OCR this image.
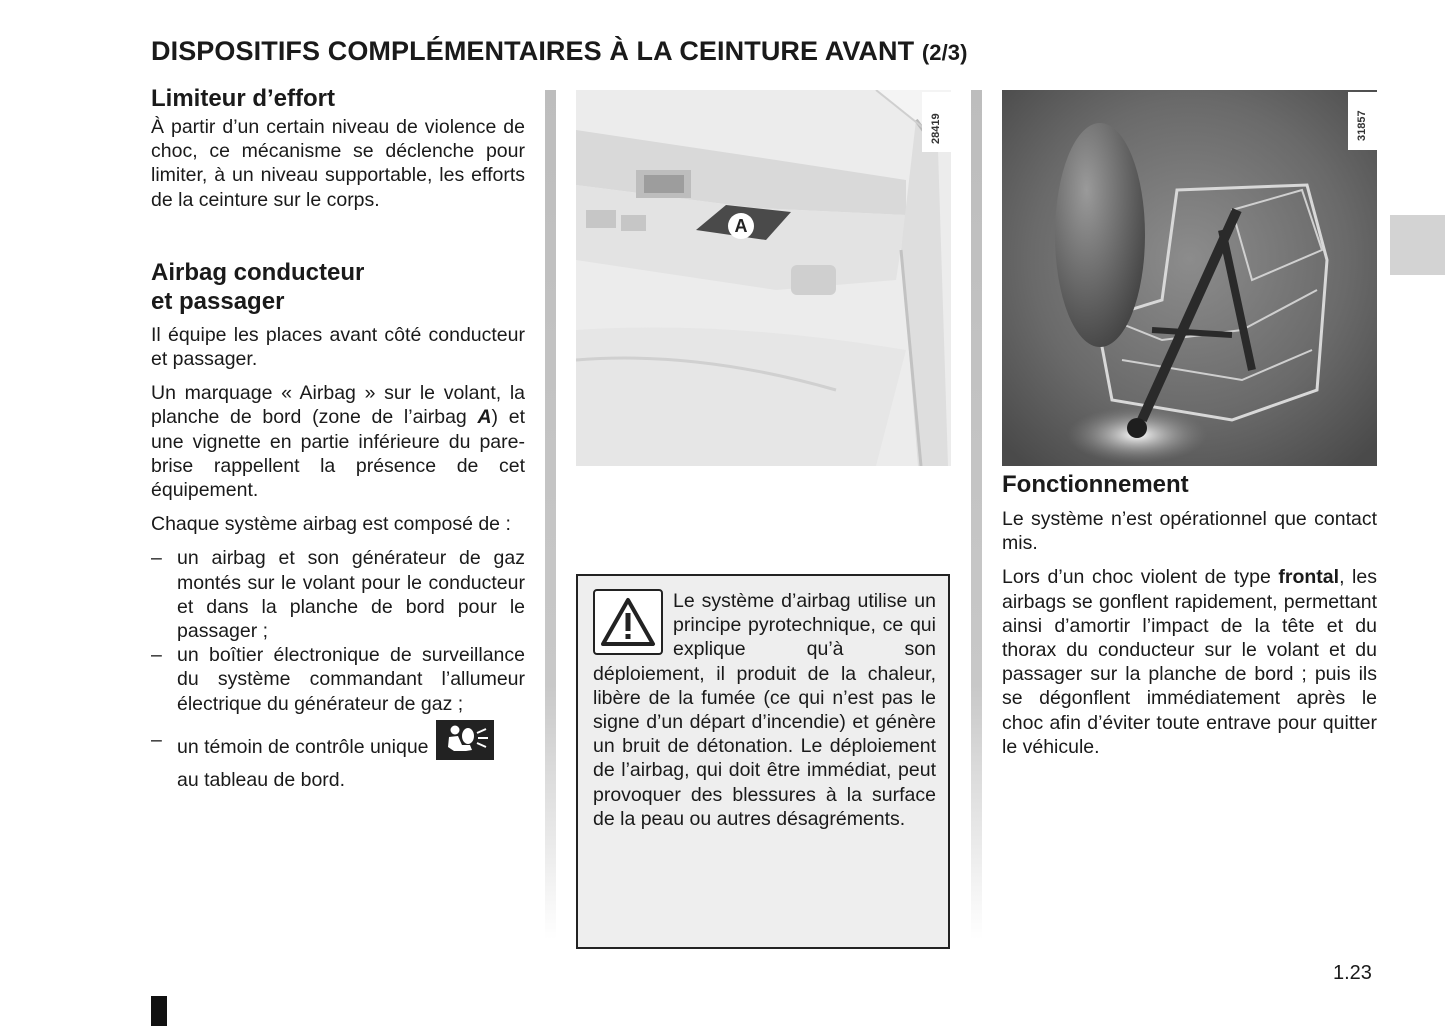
DISPOSITIFS COMPLÉMENTAIRES À LA CEINTURE AVANT (2/3)
Limiteur d’effort

À partir d’un certain niveau de violence de choc, ce mécanisme se déclenche pour limiter, à un niveau supportable, les efforts de la ceinture sur le corps.

Airbag conducteur
et passager

Il équipe les places avant côté conducteur et passager.

Un marquage « Airbag » sur le volant, la planche de bord (zone de l’airbag A) et une vignette en partie inférieure du pare-brise rappellent la présence de cet équipement.

Chaque système airbag est composé de :

– un airbag et son générateur de gaz montés sur le volant pour le conducteur et dans la planche de bord pour le passager ;
– un boîtier électronique de surveillance du système commandant l’allumeur électrique du générateur de gaz ;
– un témoin de contrôle unique

au tableau de bord.
A
28419	31857
Le système d’airbag utilise un principe pyrotechnique, ce qui explique qu’à son déploiement, il produit de la chaleur, libère de la fumée (ce qui n’est pas le signe d’un départ d’incendie) et génère un bruit de détonation. Le déploiement de l’airbag, qui doit être immédiat, peut provoquer des blessures à la surface de la peau ou autres désagréments.
Fonctionnement

Le système n’est opérationnel que contact mis.

Lors d’un choc violent de type frontal, les airbags se gonflent rapidement, permettant ainsi d’amortir l’impact de la tête et du thorax du conducteur sur le volant et du passager sur la planche de bord ; puis ils se dégonflent immédiatement après le choc afin d’éviter toute entrave pour quitter le véhicule.

1.23
